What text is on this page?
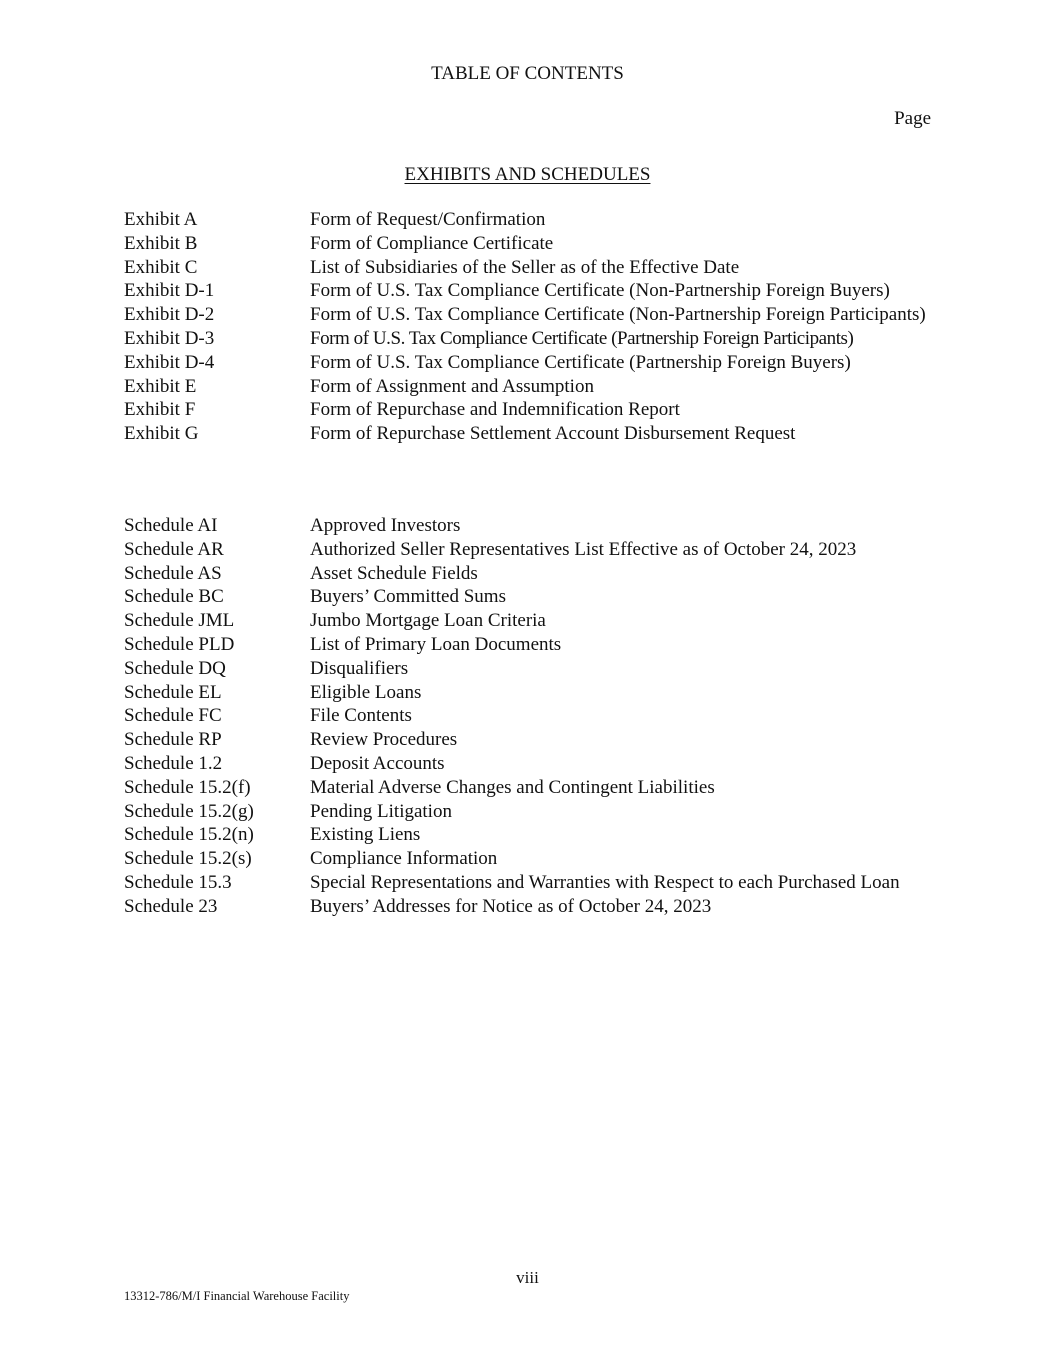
TABLE OF CONTENTS
Page
EXHIBITS AND SCHEDULES
Exhibit A	Form of Request/Confirmation
Exhibit B	Form of Compliance Certificate
Exhibit C	List of Subsidiaries of the Seller as of the Effective Date
Exhibit D-1	Form of U.S. Tax Compliance Certificate (Non-Partnership Foreign Buyers)
Exhibit D-2	Form of U.S. Tax Compliance Certificate (Non-Partnership Foreign Participants)
Exhibit D-3	Form of U.S. Tax Compliance Certificate (Partnership Foreign Participants)
Exhibit D-4	Form of U.S. Tax Compliance Certificate (Partnership Foreign Buyers)
Exhibit E	Form of Assignment and Assumption
Exhibit F	Form of Repurchase and Indemnification Report
Exhibit G	Form of Repurchase Settlement Account Disbursement Request
Schedule AI	Approved Investors
Schedule AR	Authorized Seller Representatives List Effective as of October 24, 2023
Schedule AS	Asset Schedule Fields
Schedule BC	Buyers’ Committed Sums
Schedule JML	Jumbo Mortgage Loan Criteria
Schedule PLD	List of Primary Loan Documents
Schedule DQ	Disqualifiers
Schedule EL	Eligible Loans
Schedule FC	File Contents
Schedule RP	Review Procedures
Schedule 1.2	Deposit Accounts
Schedule 15.2(f)	Material Adverse Changes and Contingent Liabilities
Schedule 15.2(g)	Pending Litigation
Schedule 15.2(n)	Existing Liens
Schedule 15.2(s)	Compliance Information
Schedule 15.3	Special Representations and Warranties with Respect to each Purchased Loan
Schedule 23	Buyers’ Addresses for Notice as of October 24, 2023
viii
13312-786/M/I Financial Warehouse Facility
